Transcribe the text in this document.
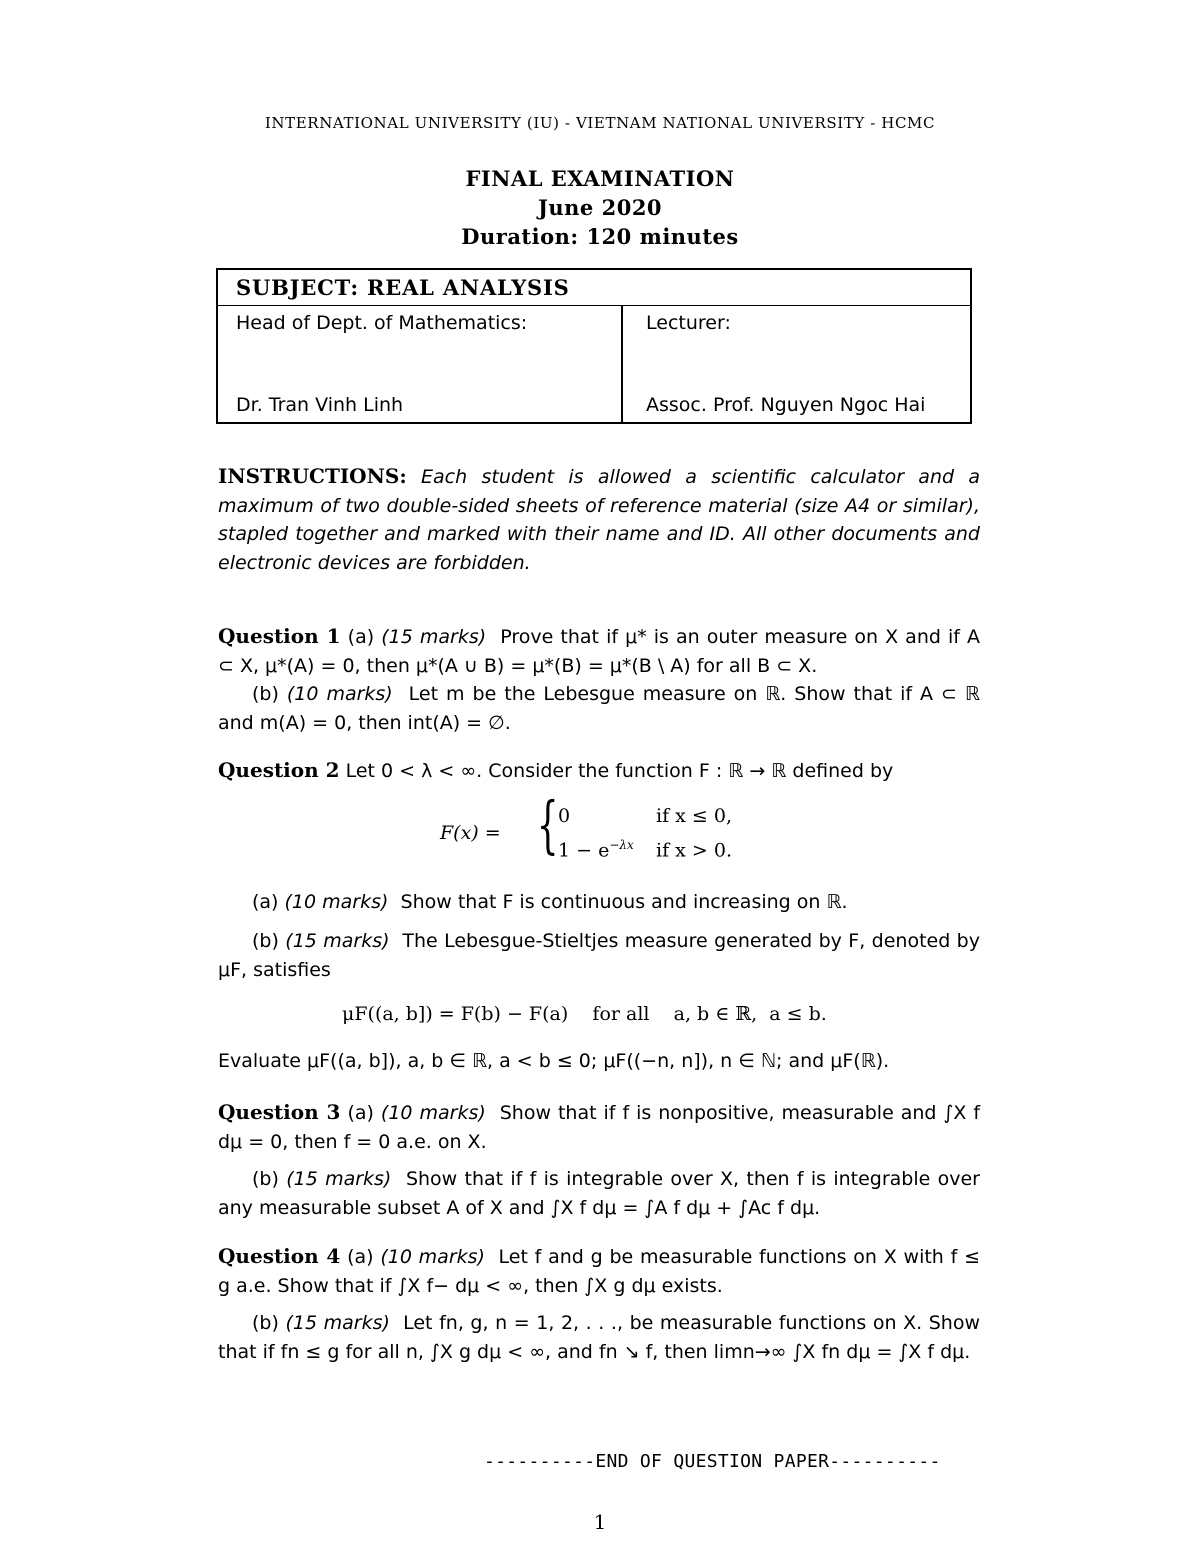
INTERNATIONAL UNIVERSITY (IU) - VIETNAM NATIONAL UNIVERSITY - HCMC
FINAL EXAMINATION
June 2020
Duration: 120 minutes
SUBJECT: REAL ANALYSIS
Head of Dept. of Mathematics:
Dr. Tran Vinh Linh
Lecturer:
Assoc. Prof. Nguyen Ngoc Hai
INSTRUCTIONS: Each student is allowed a scientific calculator and a maximum of two double-sided sheets of reference material (size A4 or similar), stapled together and marked with their name and ID. All other documents and electronic devices are forbidden.
Question 1 (a) (15 marks) Prove that if μ* is an outer measure on X and if A ⊂ X, μ*(A) = 0, then μ*(A ∪ B) = μ*(B) = μ*(B \ A) for all B ⊂ X.
(b) (10 marks) Let m be the Lebesgue measure on ℝ. Show that if A ⊂ ℝ and m(A) = 0, then int(A) = ∅.
Question 2 Let 0 < λ < ∞. Consider the function F : ℝ → ℝ defined by
F(x) = { 0	if x ≤ 0,
$1 - e^{-\lambda x}$ if x > 0.
(a) (10 marks) Show that F is continuous and increasing on ℝ.
(b) (15 marks) The Lebesgue-Stieltjes measure generated by F, denoted by μF, satisfies
μF((a, b]) = F(b) − F(a)    for all    a, b ∈ ℝ,  a ≤ b.
Evaluate μF((a, b]), a, b ∈ ℝ, a < b ≤ 0; μF((−n, n]), n ∈ ℕ; and μF(ℝ).
Question 3 (a) (10 marks) Show that if f is nonpositive, measurable and ∫X f dμ = 0, then f = 0 a.e. on X.
(b) (15 marks) Show that if f is integrable over X, then f is integrable over any measurable subset A of X and ∫X f dμ = ∫A f dμ + ∫Ac f dμ.
Question 4 (a) (10 marks) Let f and g be measurable functions on X with f ≤ g a.e. Show that if ∫X f− dμ < ∞, then ∫X g dμ exists.
(b) (15 marks) Let fn, g, n = 1, 2, . . ., be measurable functions on X. Show that if fn ≤ g for all n, ∫X g dμ < ∞, and fn ↘ f, then limn→∞ ∫X fn dμ = ∫X f dμ.
----------END OF QUESTION PAPER----------
1
